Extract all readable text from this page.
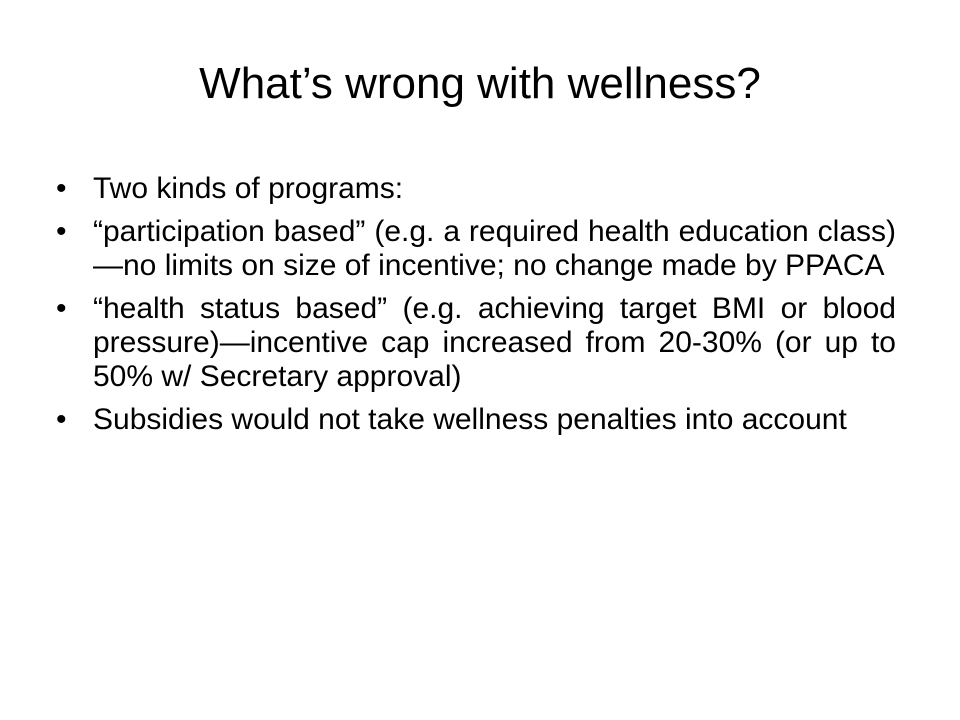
What’s wrong with wellness?
• Two kinds of programs:
• “participation based” (e.g. a required health education class)—no limits on size of incentive; no change made by PPACA
• “health status based” (e.g. achieving target BMI or blood pressure)—incentive cap increased from 20-30% (or up to 50% w/ Secretary approval)
• Subsidies would not take wellness penalties into account
